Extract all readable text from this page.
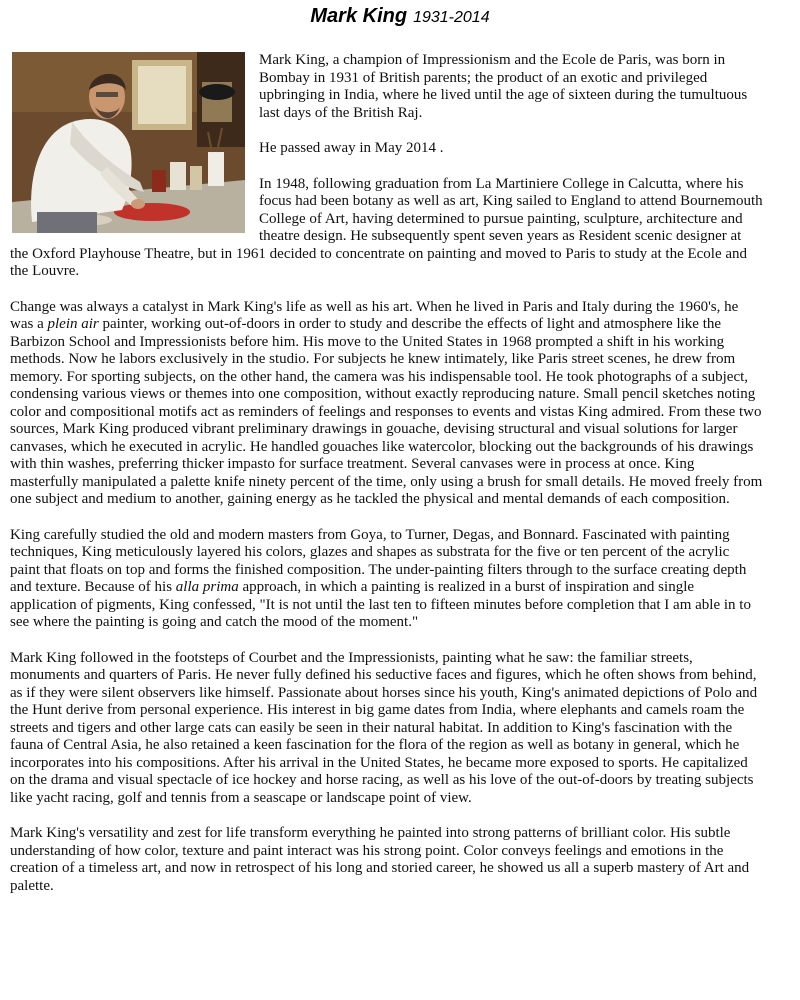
Mark King 1931-2014

Mark King, a champion of Impressionism and the Ecole de Paris, was born in Bombay in 1931 of British parents; the product of an exotic and privileged upbringing in India, where he lived until the age of sixteen during the tumultuous last days of the British Raj.

He passed away in May 2014 .

In 1948, following graduation from La Martiniere College in Calcutta, where his focus had been botany as well as art, King sailed to England to attend Bournemouth College of Art, having determined to pursue painting, sculpture, architecture and theatre design. He subsequently spent seven years as Resident scenic designer at the Oxford Playhouse Theatre, but in 1961 decided to concentrate on painting and moved to Paris to study at the Ecole and the Louvre.

Change was always a catalyst in Mark King's life as well as his art. When he lived in Paris and Italy during the 1960's, he was a plein air painter, working out-of-doors in order to study and describe the effects of light and atmosphere like the Barbizon School and Impressionists before him. His move to the United States in 1968 prompted a shift in his working methods. Now he labors exclusively in the studio. For subjects he knew intimately, like Paris street scenes, he drew from memory. For sporting subjects, on the other hand, the camera was his indispensable tool. He took photographs of a subject, condensing various views or themes into one composition, without exactly reproducing nature. Small pencil sketches noting color and compositional motifs act as reminders of feelings and responses to events and vistas King admired. From these two sources, Mark King produced vibrant preliminary drawings in gouache, devising structural and visual solutions for larger canvases, which he executed in acrylic. He handled gouaches like watercolor, blocking out the backgrounds of his drawings with thin washes, preferring thicker impasto for surface treatment. Several canvases were in process at once. King masterfully manipulated a palette knife ninety percent of the time, only using a brush for small details. He moved freely from one subject and medium to another, gaining energy as he tackled the physical and mental demands of each composition.

King carefully studied the old and modern masters from Goya, to Turner, Degas, and Bonnard. Fascinated with painting techniques, King meticulously layered his colors, glazes and shapes as substrata for the five or ten percent of the acrylic paint that floats on top and forms the finished composition. The under-painting filters through to the surface creating depth and texture. Because of his alla prima approach, in which a painting is realized in a burst of inspiration and single application of pigments, King confessed, "It is not until the last ten to fifteen minutes before completion that I am able in to see where the painting is going and catch the mood of the moment."

Mark King followed in the footsteps of Courbet and the Impressionists, painting what he saw: the familiar streets, monuments and quarters of Paris. He never fully defined his seductive faces and figures, which he often shows from behind, as if they were silent observers like himself. Passionate about horses since his youth, King's animated depictions of Polo and the Hunt derive from personal experience. His interest in big game dates from India, where elephants and camels roam the streets and tigers and other large cats can easily be seen in their natural habitat. In addition to King's fascination with the fauna of Central Asia, he also retained a keen fascination for the flora of the region as well as botany in general, which he incorporates into his compositions. After his arrival in the United States, he became more exposed to sports. He capitalized on the drama and visual spectacle of ice hockey and horse racing, as well as his love of the out-of-doors by treating subjects like yacht racing, golf and tennis from a seascape or landscape point of view.

Mark King's versatility and zest for life transform everything he painted into strong patterns of brilliant color. His subtle understanding of how color, texture and paint interact was his strong point. Color conveys feelings and emotions in the creation of a timeless art, and now in retrospect of his long and storied career, he showed us all a superb mastery of Art and palette.
